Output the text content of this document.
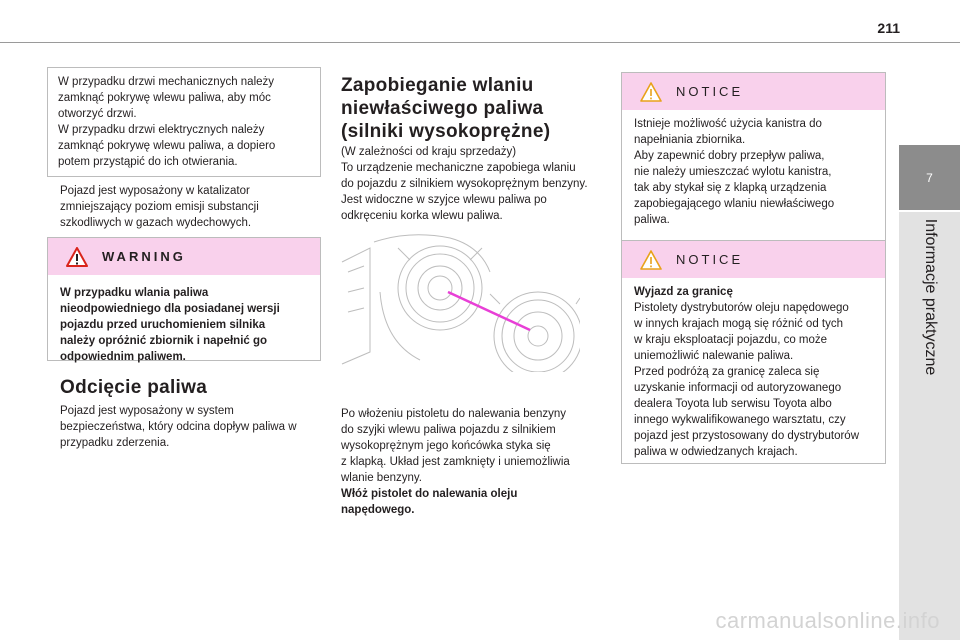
211
7
Informacje praktyczne
W przypadku drzwi mechanicznych należy
zamknąć pokrywę wlewu paliwa, aby móc
otworzyć drzwi.
W przypadku drzwi elektrycznych należy
zamknąć pokrywę wlewu paliwa, a dopiero
potem przystąpić do ich otwierania.
Pojazd jest wyposażony w katalizator
zmniejszający poziom emisji substancji
szkodliwych w gazach wydechowych.
WARNING
W przypadku wlania paliwa
nieodpowiedniego dla posiadanej wersji
pojazdu przed uruchomieniem silnika
należy opróżnić zbiornik i napełnić go
odpowiednim paliwem.
Odcięcie paliwa
Pojazd jest wyposażony w system
bezpieczeństwa, który odcina dopływ paliwa w
przypadku zderzenia.
Zapobieganie wlaniu
niewłaściwego paliwa
(silniki wysokoprężne)
(W zależności od kraju sprzedaży)
To urządzenie mechaniczne zapobiega wlaniu
do pojazdu z silnikiem wysokoprężnym benzyny.
Jest widoczne w szyjce wlewu paliwa po
odkręceniu korka wlewu paliwa.
Po włożeniu pistoletu do nalewania benzyny
do szyjki wlewu paliwa pojazdu z silnikiem
wysokoprężnym jego końcówka styka się
z klapką. Układ jest zamknięty i uniemożliwia
wlanie benzyny.
Włóż pistolet do nalewania oleju
napędowego.
NOTICE
Istnieje możliwość użycia kanistra do
napełniania zbiornika.
Aby zapewnić dobry przepływ paliwa,
nie należy umieszczać wylotu kanistra,
tak aby stykał się z klapką urządzenia
zapobiegającego wlaniu niewłaściwego
paliwa.
NOTICE
Wyjazd za granicę
Pistolety dystrybutorów oleju napędowego
w innych krajach mogą się różnić od tych
w kraju eksploatacji pojazdu, co może
uniemożliwić nalewanie paliwa.
Przed podróżą za granicę zaleca się
uzyskanie informacji od autoryzowanego
dealera Toyota lub serwisu Toyota albo
innego wykwalifikowanego warsztatu, czy
pojazd jest przystosowany do dystrybutorów
paliwa w odwiedzanych krajach.
carmanualsonline.info
